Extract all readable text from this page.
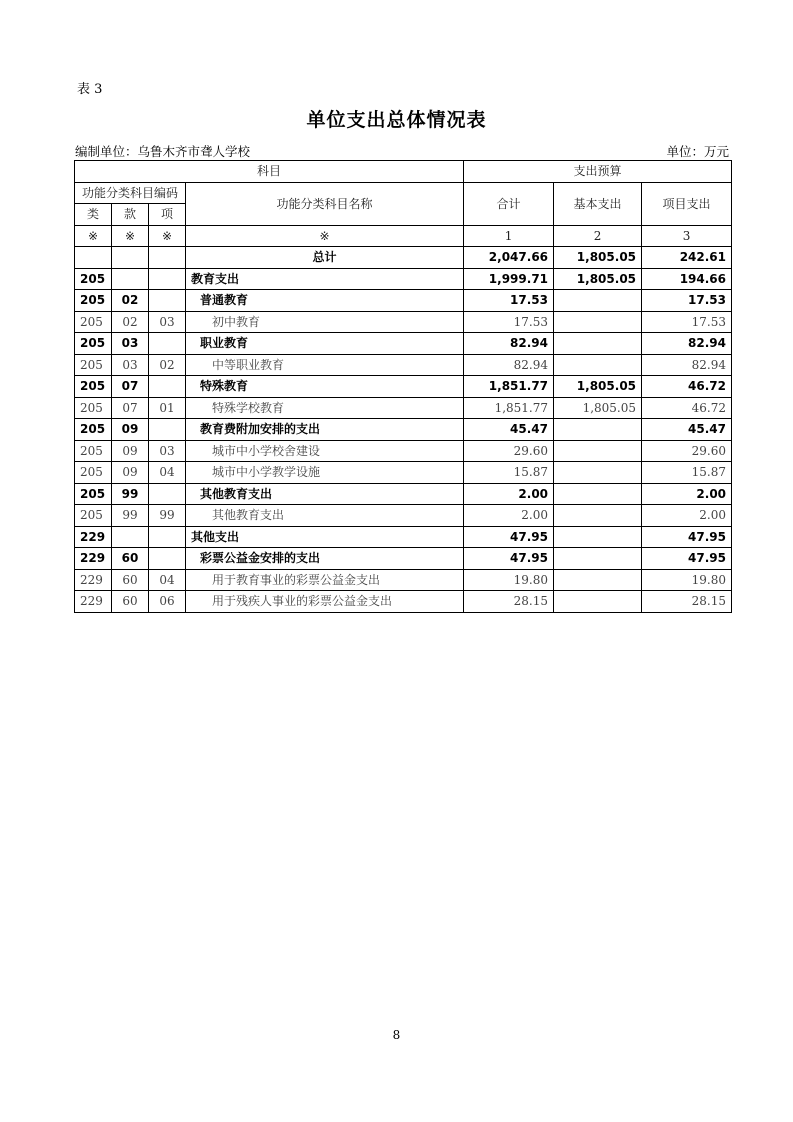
表 3
单位支出总体情况表
编制单位：乌鲁木齐市聋人学校	单位：万元
科目				支出预算		
功能分类科目编码			功能分类科目名称	合计	基本支出	项目支出
类	款	项				
※	※	※	※	1	2	3
			总计	2,047.66	1,805.05	242.61
205			教育支出	1,999.71	1,805.05	194.66
205	02		普通教育	17.53		17.53
205	02	03	初中教育	17.53		17.53
205	03		职业教育	82.94		82.94
205	03	02	中等职业教育	82.94		82.94
205	07		特殊教育	1,851.77	1,805.05	46.72
205	07	01	特殊学校教育	1,851.77	1,805.05	46.72
205	09		教育费附加安排的支出	45.47		45.47
205	09	03	城市中小学校舍建设	29.60		29.60
205	09	04	城市中小学教学设施	15.87		15.87
205	99		其他教育支出	2.00		2.00
205	99	99	其他教育支出	2.00		2.00
229			其他支出	47.95		47.95
229	60		彩票公益金安排的支出	47.95		47.95
229	60	04	用于教育事业的彩票公益金支出	19.80		19.80
229	60	06	用于残疾人事业的彩票公益金支出	28.15		28.15
8
